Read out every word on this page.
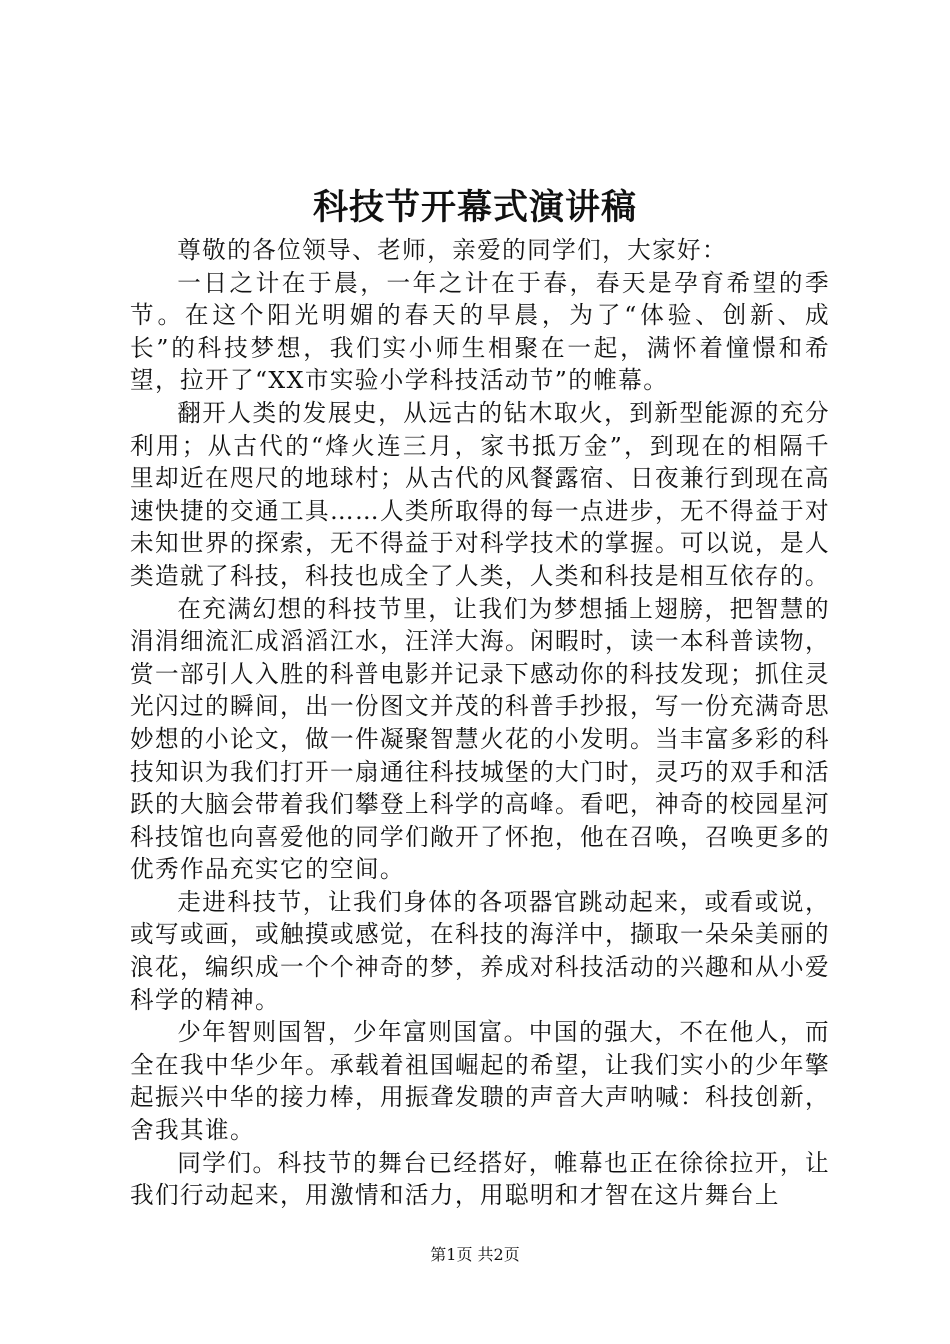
科技节开幕式演讲稿

尊敬的各位领导、老师，亲爱的同学们，大家好：

一日之计在于晨，一年之计在于春，春天是孕育希望的季节。在这个阳光明媚的春天的早晨，为了“体验、创新、成长”的科技梦想，我们实小师生相聚在一起，满怀着憧憬和希望，拉开了“XX市实验小学科技活动节”的帷幕。

翻开人类的发展史，从远古的钻木取火，到新型能源的充分利用；从古代的“烽火连三月，家书抵万金”，到现在的相隔千里却近在咫尺的地球村；从古代的风餐露宿、日夜兼行到现在高速快捷的交通工具……人类所取得的每一点进步，无不得益于对未知世界的探索，无不得益于对科学技术的掌握。可以说，是人类造就了科技，科技也成全了人类，人类和科技是相互依存的。

在充满幻想的科技节里，让我们为梦想插上翅膀，把智慧的涓涓细流汇成滔滔江水，汪洋大海。闲暇时，读一本科普读物，赏一部引人入胜的科普电影并记录下感动你的科技发现；抓住灵光闪过的瞬间，出一份图文并茂的科普手抄报，写一份充满奇思妙想的小论文，做一件凝聚智慧火花的小发明。当丰富多彩的科技知识为我们打开一扇通往科技城堡的大门时，灵巧的双手和活跃的大脑会带着我们攀登上科学的高峰。看吧，神奇的校园星河科技馆也向喜爱他的同学们敞开了怀抱，他在召唤，召唤更多的优秀作品充实它的空间。

走进科技节，让我们身体的各项器官跳动起来，或看或说，或写或画，或触摸或感觉，在科技的海洋中，撷取一朵朵美丽的浪花，编织成一个个神奇的梦，养成对科技活动的兴趣和从小爱科学的精神。

少年智则国智，少年富则国富。中国的强大，不在他人，而全在我中华少年。承载着祖国崛起的希望，让我们实小的少年擎起振兴中华的接力棒，用振聋发聩的声音大声呐喊：科技创新，舍我其谁。

同学们。科技节的舞台已经搭好，帷幕也正在徐徐拉开，让我们行动起来，用激情和活力，用聪明和才智在这片舞台上

第1页 共2页
